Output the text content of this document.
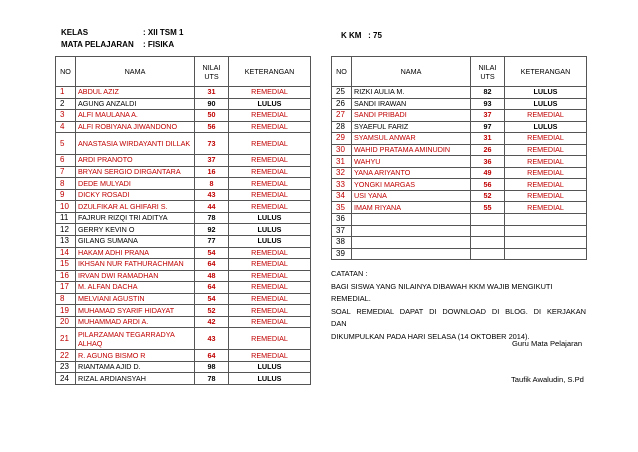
KELAS	: XII TSM 1
MATA PELAJARAN : FISIKA
K KM : 75
NO	NAMA	NILAI UTS	KETERANGAN
1	ABDUL AZIZ	31	REMEDIAL
2	AGUNG ANZALDI	90	LULUS
3	ALFI MAULANA A.	50	REMEDIAL
4	ALFI ROBIYANA JIWANDONO	56	REMEDIAL
5	ANASTASIA WIRDAYANTI DILLAK	73	REMEDIAL
6	ARDI PRANOTO	37	REMEDIAL
7	BRYAN SERGIO DIRGANTARA	16	REMEDIAL
8	DEDE MULYADI	8	REMEDIAL
9	DICKY ROSADI	43	REMEDIAL
10	DZULFIKAR AL GHIFARI S.	44	REMEDIAL
11	FAJRUR RIZQI TRI ADITYA	78	LULUS
12	GERRY KEVIN O	92	LULUS
13	GILANG SUMANA	77	LULUS
14	HAKAM ADHI PRANA	54	REMEDIAL
15	IKHSAN NUR FATHURACHMAN	64	REMEDIAL
16	IRVAN DWI RAMADHAN	48	REMEDIAL
17	M. ALFAN DACHA	64	REMEDIAL
8	MELVIANI AGUSTIN	54	REMEDIAL
19	MUHAMAD SYARIF HIDAYAT	52	REMEDIAL
20	MUHAMMAD ARDI A.	42	REMEDIAL
21	PILARZAMAN TEGARRADYA ALHAQ	43	REMEDIAL
22	R. AGUNG BISMO R	64	REMEDIAL
23	RIANTAMA AJID D.	98	LULUS
24	RIZAL ARDIANSYAH	78	LULUS
NO	NAMA	NILAI UTS	KETERANGAN
25	RIZKI AULIA M.	82	LULUS
26	SANDI IRAWAN	93	LULUS
27	SANDI PRIBADI	37	REMEDIAL
28	SYAEFUL FARIZ	97	LULUS
29	SYAMSUL ANWAR	31	REMEDIAL
30	WAHID PRATAMA AMINUDIN	26	REMEDIAL
31	WAHYU	36	REMEDIAL
32	YANA ARIYANTO	49	REMEDIAL
33	YONGKI MARGAS	56	REMEDIAL
34	USI YANA	52	REMEDIAL
35	IMAM RIYANA	55	REMEDIAL
36			
37			
38			
39			

CATATAN :

BAGI SISWA YANG NILAINYA DIBAWAH KKM WAJIB MENGIKUTI REMEDIAL.

SOAL REMEDIAL DAPAT DI DOWNLOAD DI BLOG. DI KERJAKAN DAN

DIKUMPULKAN PADA HARI SELASA (14 OKTOBER 2014).

Guru Mata Pelajaran
Taufik Awaludin, S.Pd
